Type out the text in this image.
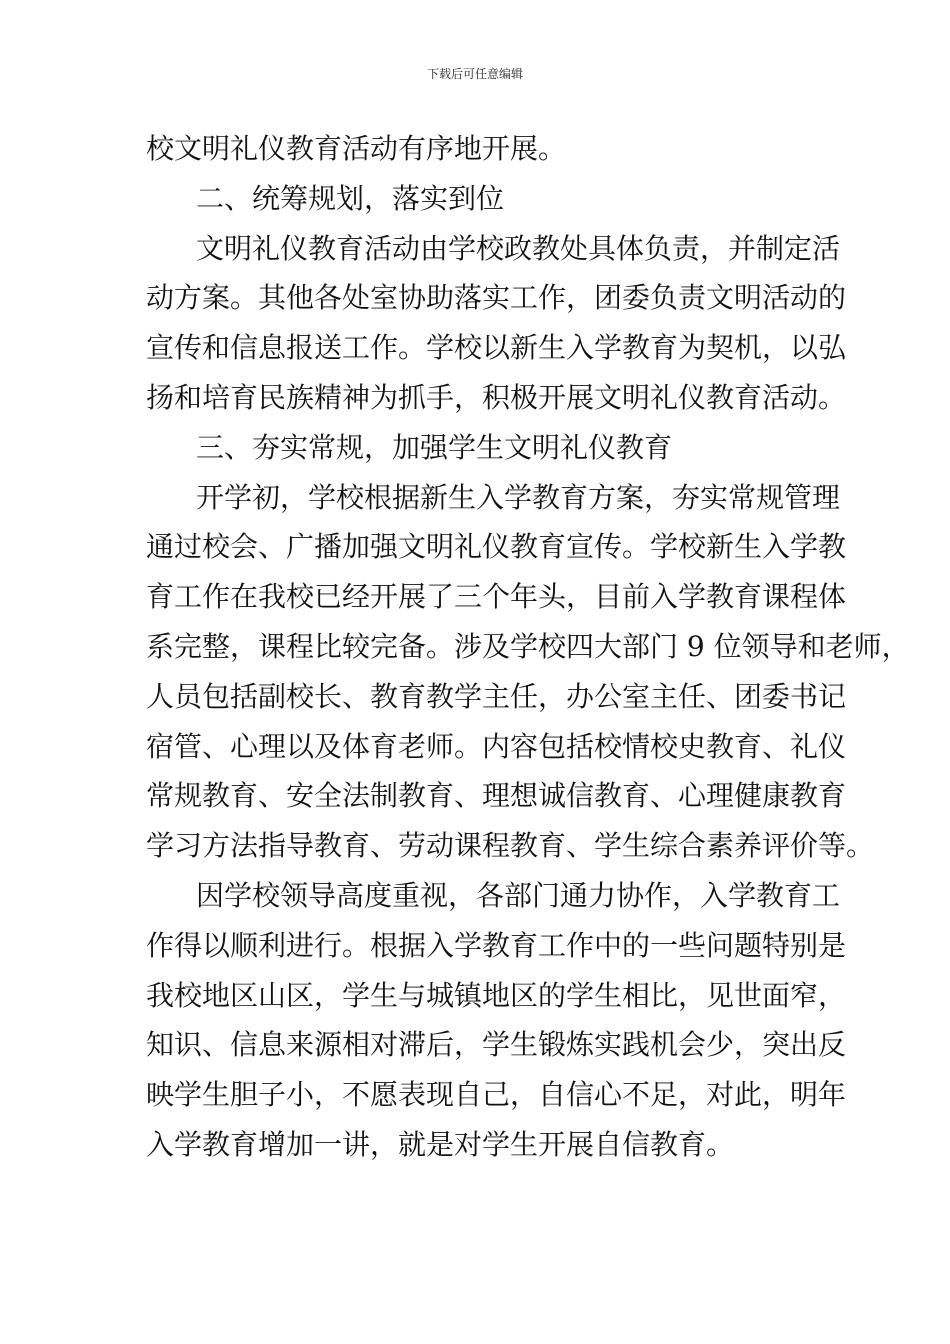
下载后可任意编辑
校文明礼仪教育活动有序地开展。
二、统筹规划，落实到位
文明礼仪教育活动由学校政教处具体负责，并制定活
动方案。其他各处室协助落实工作，团委负责文明活动的
宣传和信息报送工作。学校以新生入学教育为契机，以弘
扬和培育民族精神为抓手，积极开展文明礼仪教育活动。
三、夯实常规，加强学生文明礼仪教育
开学初，学校根据新生入学教育方案，夯实常规管理
通过校会、广播加强文明礼仪教育宣传。学校新生入学教
育工作在我校已经开展了三个年头，目前入学教育课程体
系完整，课程比较完备。涉及学校四大部门 9 位领导和老师，
人员包括副校长、教育教学主任，办公室主任、团委书记
宿管、心理以及体育老师。内容包括校情校史教育、礼仪
常规教育、安全法制教育、理想诚信教育、心理健康教育
学习方法指导教育、劳动课程教育、学生综合素养评价等。
因学校领导高度重视，各部门通力协作，入学教育工
作得以顺利进行。根据入学教育工作中的一些问题特别是
我校地区山区，学生与城镇地区的学生相比，见世面窄，
知识、信息来源相对滞后，学生锻炼实践机会少，突出反
映学生胆子小，不愿表现自己，自信心不足，对此，明年
入学教育增加一讲，就是对学生开展自信教育。
